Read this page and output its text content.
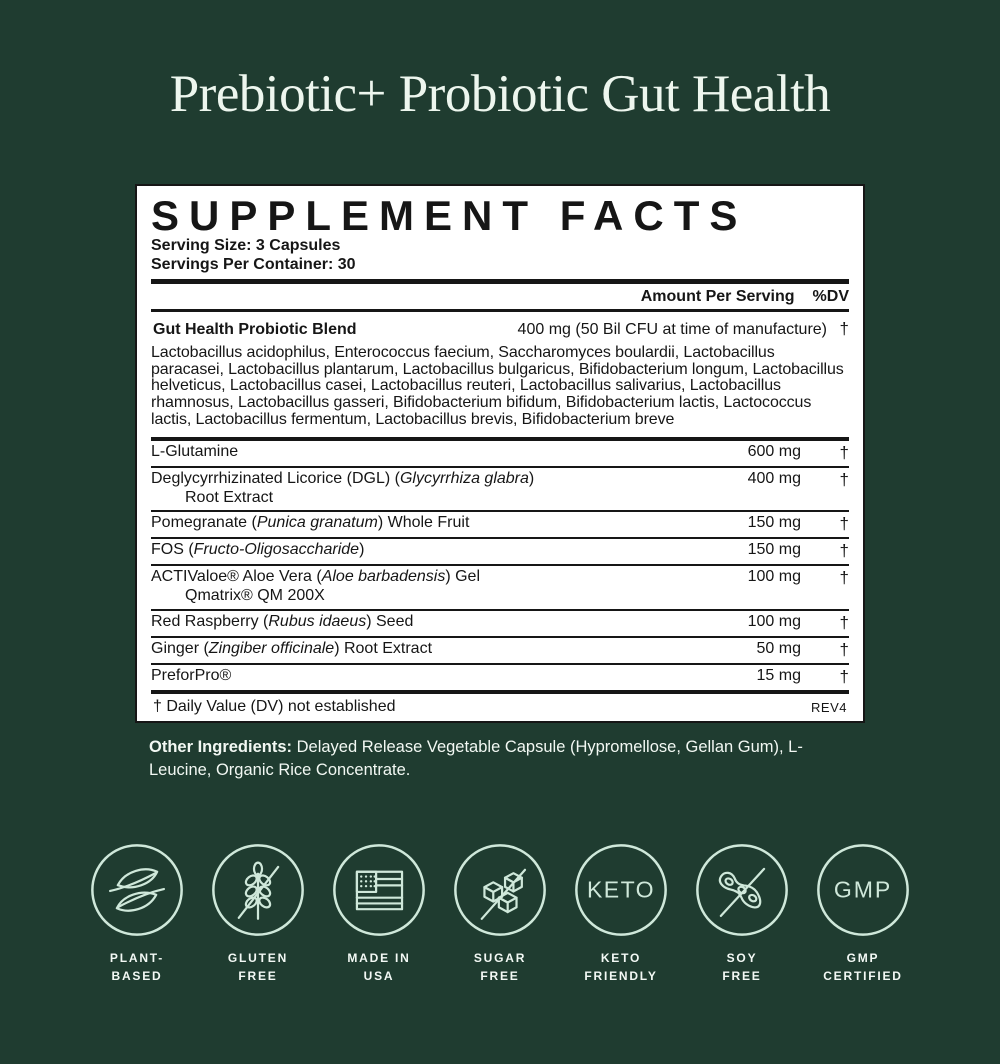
Prebiotic+ Probiotic Gut Health
SUPPLEMENT FACTS
Serving Size: 3 Capsules
Servings Per Container: 30
Amount Per Serving %DV
Gut Health Probiotic Blend	400 mg (50 Bil CFU at time of manufacture) †
Lactobacillus acidophilus, Enterococcus faecium, Saccharomyces boulardii, Lactobacillus paracasei, Lactobacillus plantarum, Lactobacillus bulgaricus, Bifidobacterium longum, Lactobacillus helveticus, Lactobacillus casei, Lactobacillus reuteri, Lactobacillus salivarius, Lactobacillus rhamnosus, Lactobacillus gasseri, Bifidobacterium bifidum, Bifidobacterium lactis, Lactococcus lactis, Lactobacillus fermentum, Lactobacillus brevis, Bifidobacterium breve
L-Glutamine	600 mg	†
Deglycyrrhizinated Licorice (DGL) (Glycyrrhiza glabra)
Root Extract
400 mg	†
Pomegranate (Punica granatum) Whole Fruit	150 mg	†
FOS (Fructo-Oligosaccharide)	150 mg	†
ACTIValoe® Aloe Vera (Aloe barbadensis) Gel
Qmatrix® QM 200X
100 mg	†
Red Raspberry (Rubus idaeus) Seed	100 mg	†
Ginger (Zingiber officinale) Root Extract	50 mg	†
PreforPro®	15 mg	†
† Daily Value (DV) not established	REV4
Other Ingredients: Delayed Release Vegetable Capsule (Hypromellose, Gellan Gum), L-Leucine, Organic Rice Concentrate.
PLANT-
BASED
GLUTEN
FREE
MADE IN
USA
SUGAR
FREE
KETO
KETO
FRIENDLY
SOY
FREE
GMP
GMP
CERTIFIED
